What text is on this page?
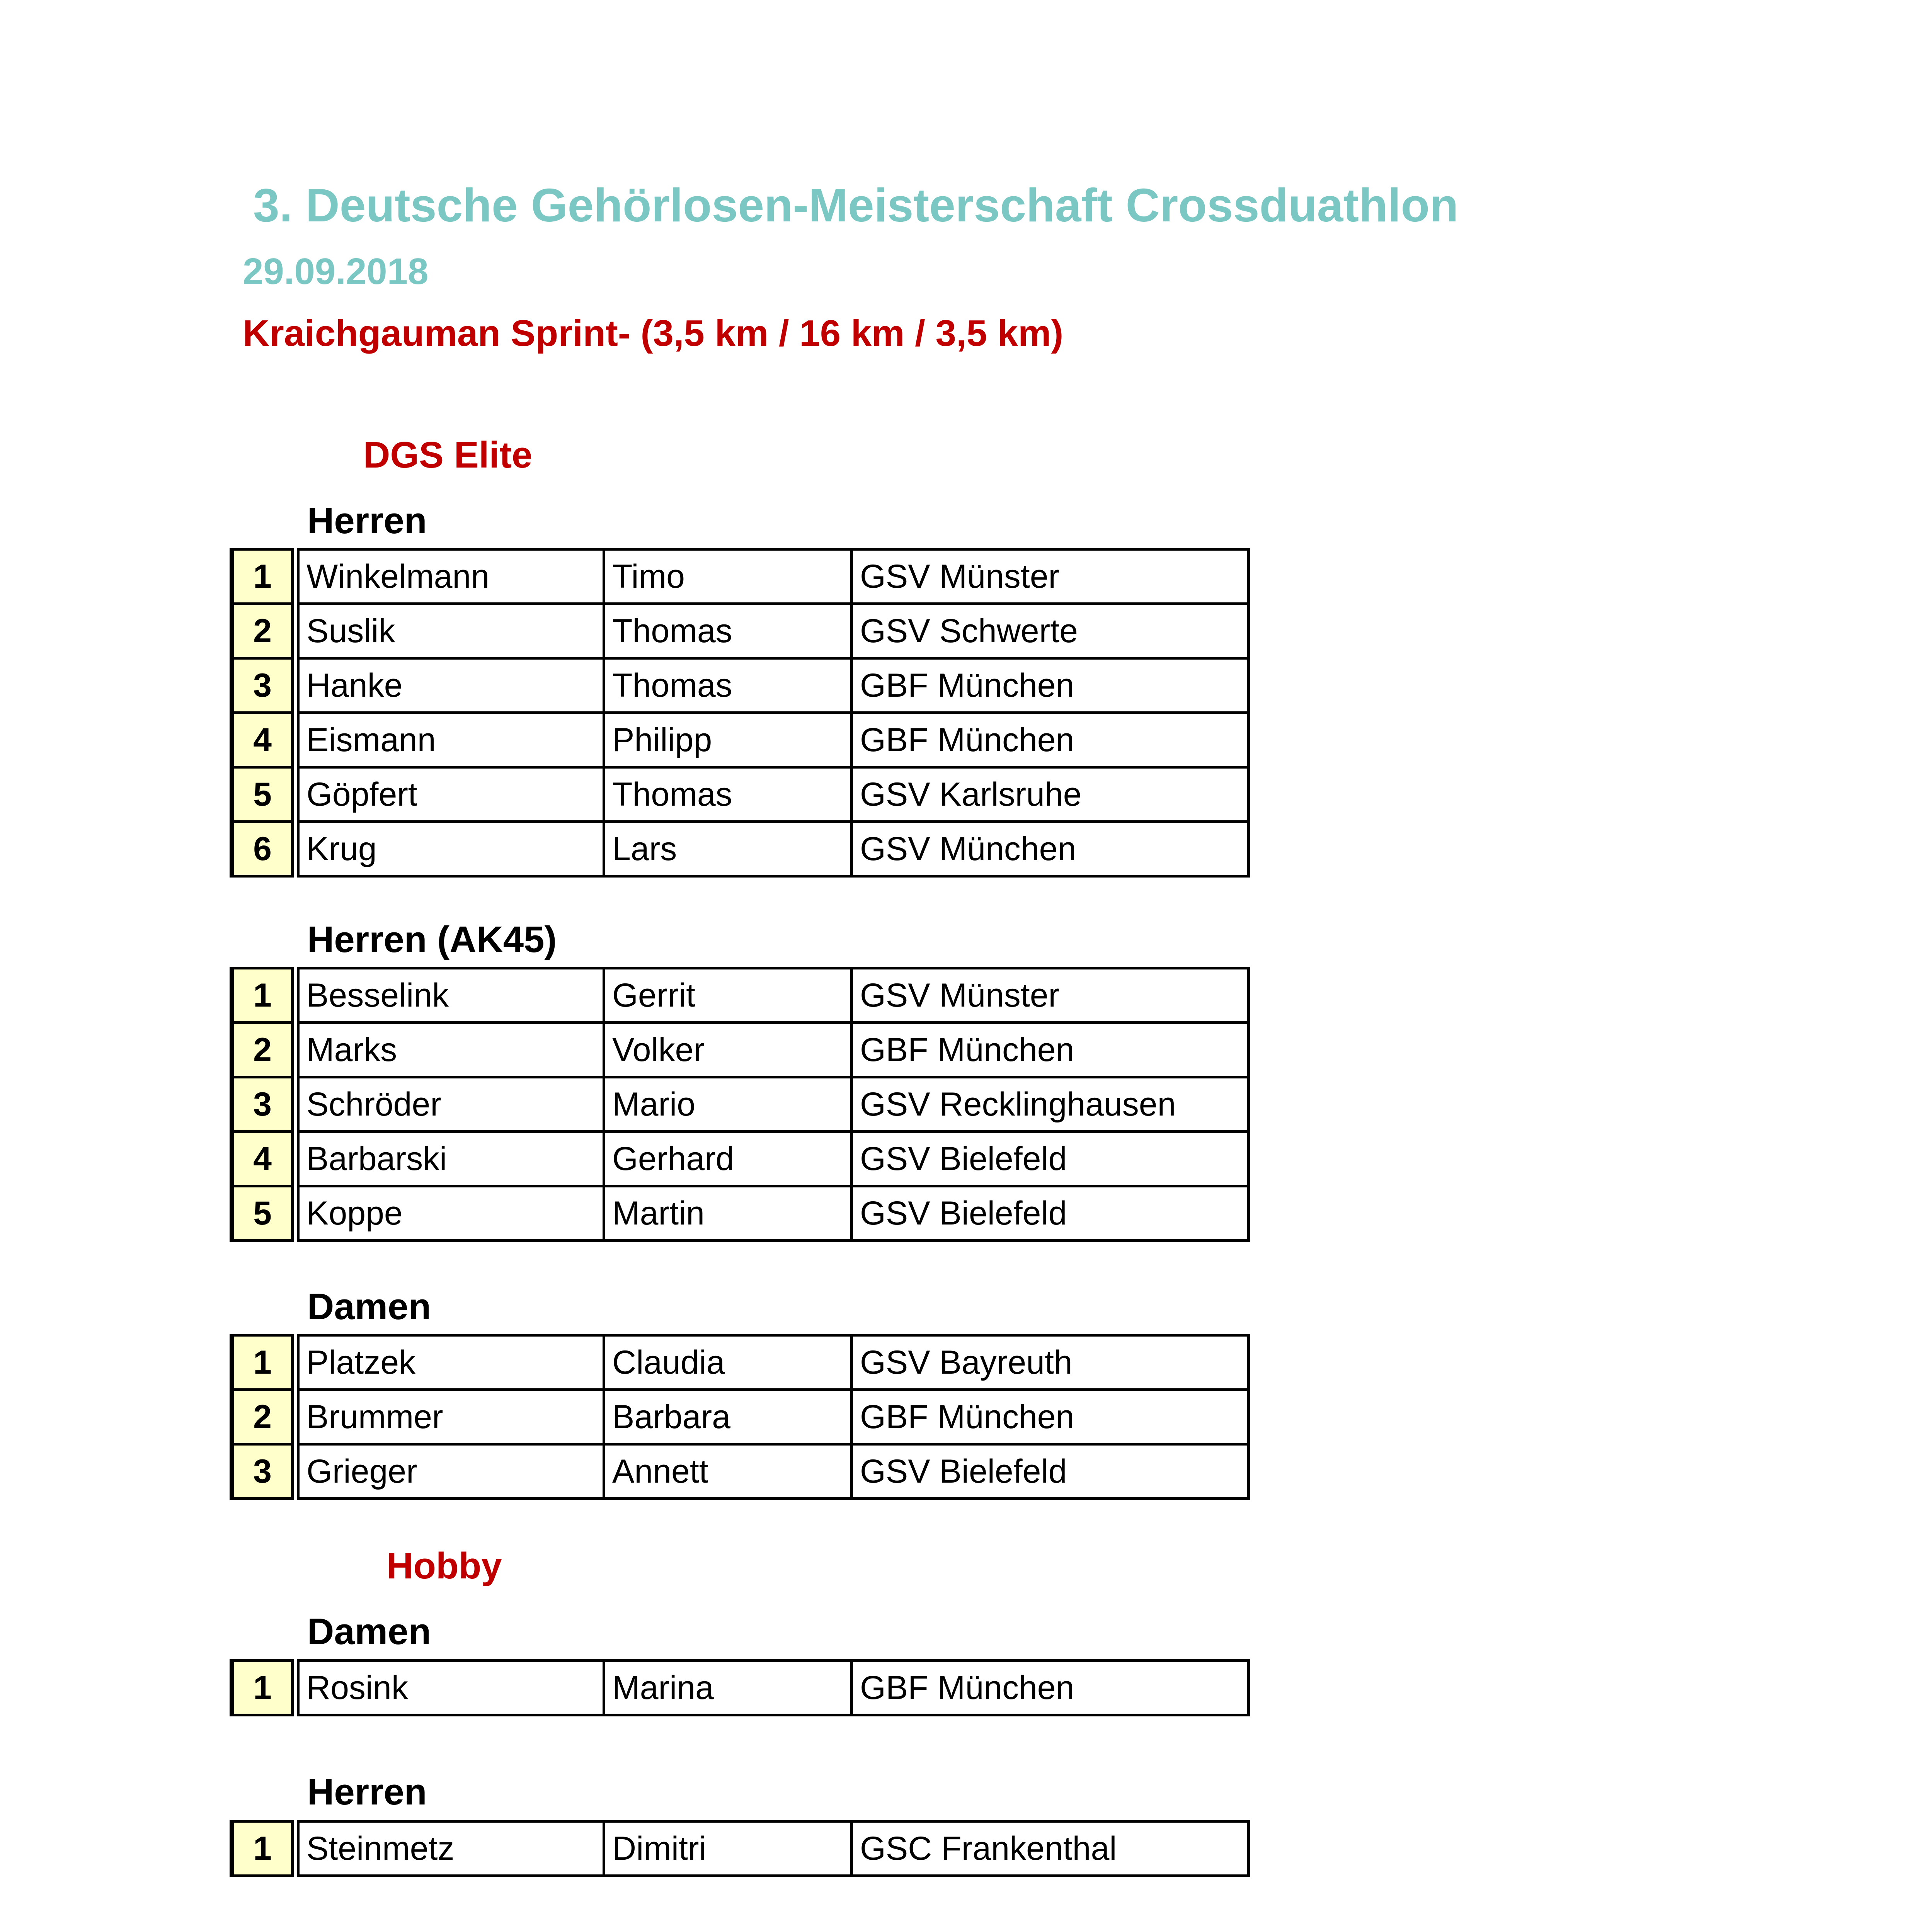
3. Deutsche Gehörlosen-Meisterschaft Crossduathlon
29.09.2018
Kraichgauman Sprint- (3,5 km / 16 km / 3,5 km)
DGS Elite
Herren
1	Winkelmann	Timo	GSV Münster
2	Suslik	Thomas	GSV Schwerte
3	Hanke	Thomas	GBF München
4	Eismann	Philipp	GBF München
5	Göpfert	Thomas	GSV Karlsruhe
6	Krug	Lars	GSV München
Herren (AK45)
1	Besselink	Gerrit	GSV Münster
2	Marks	Volker	GBF München
3	Schröder	Mario	GSV Recklinghausen
4	Barbarski	Gerhard	GSV Bielefeld
5	Koppe	Martin	GSV Bielefeld
Damen
1	Platzek	Claudia	GSV Bayreuth
2	Brummer	Barbara	GBF München
3	Grieger	Annett	GSV Bielefeld
Hobby
Damen
1	Rosink	Marina	GBF München
Herren
1	Steinmetz	Dimitri	GSC Frankenthal
